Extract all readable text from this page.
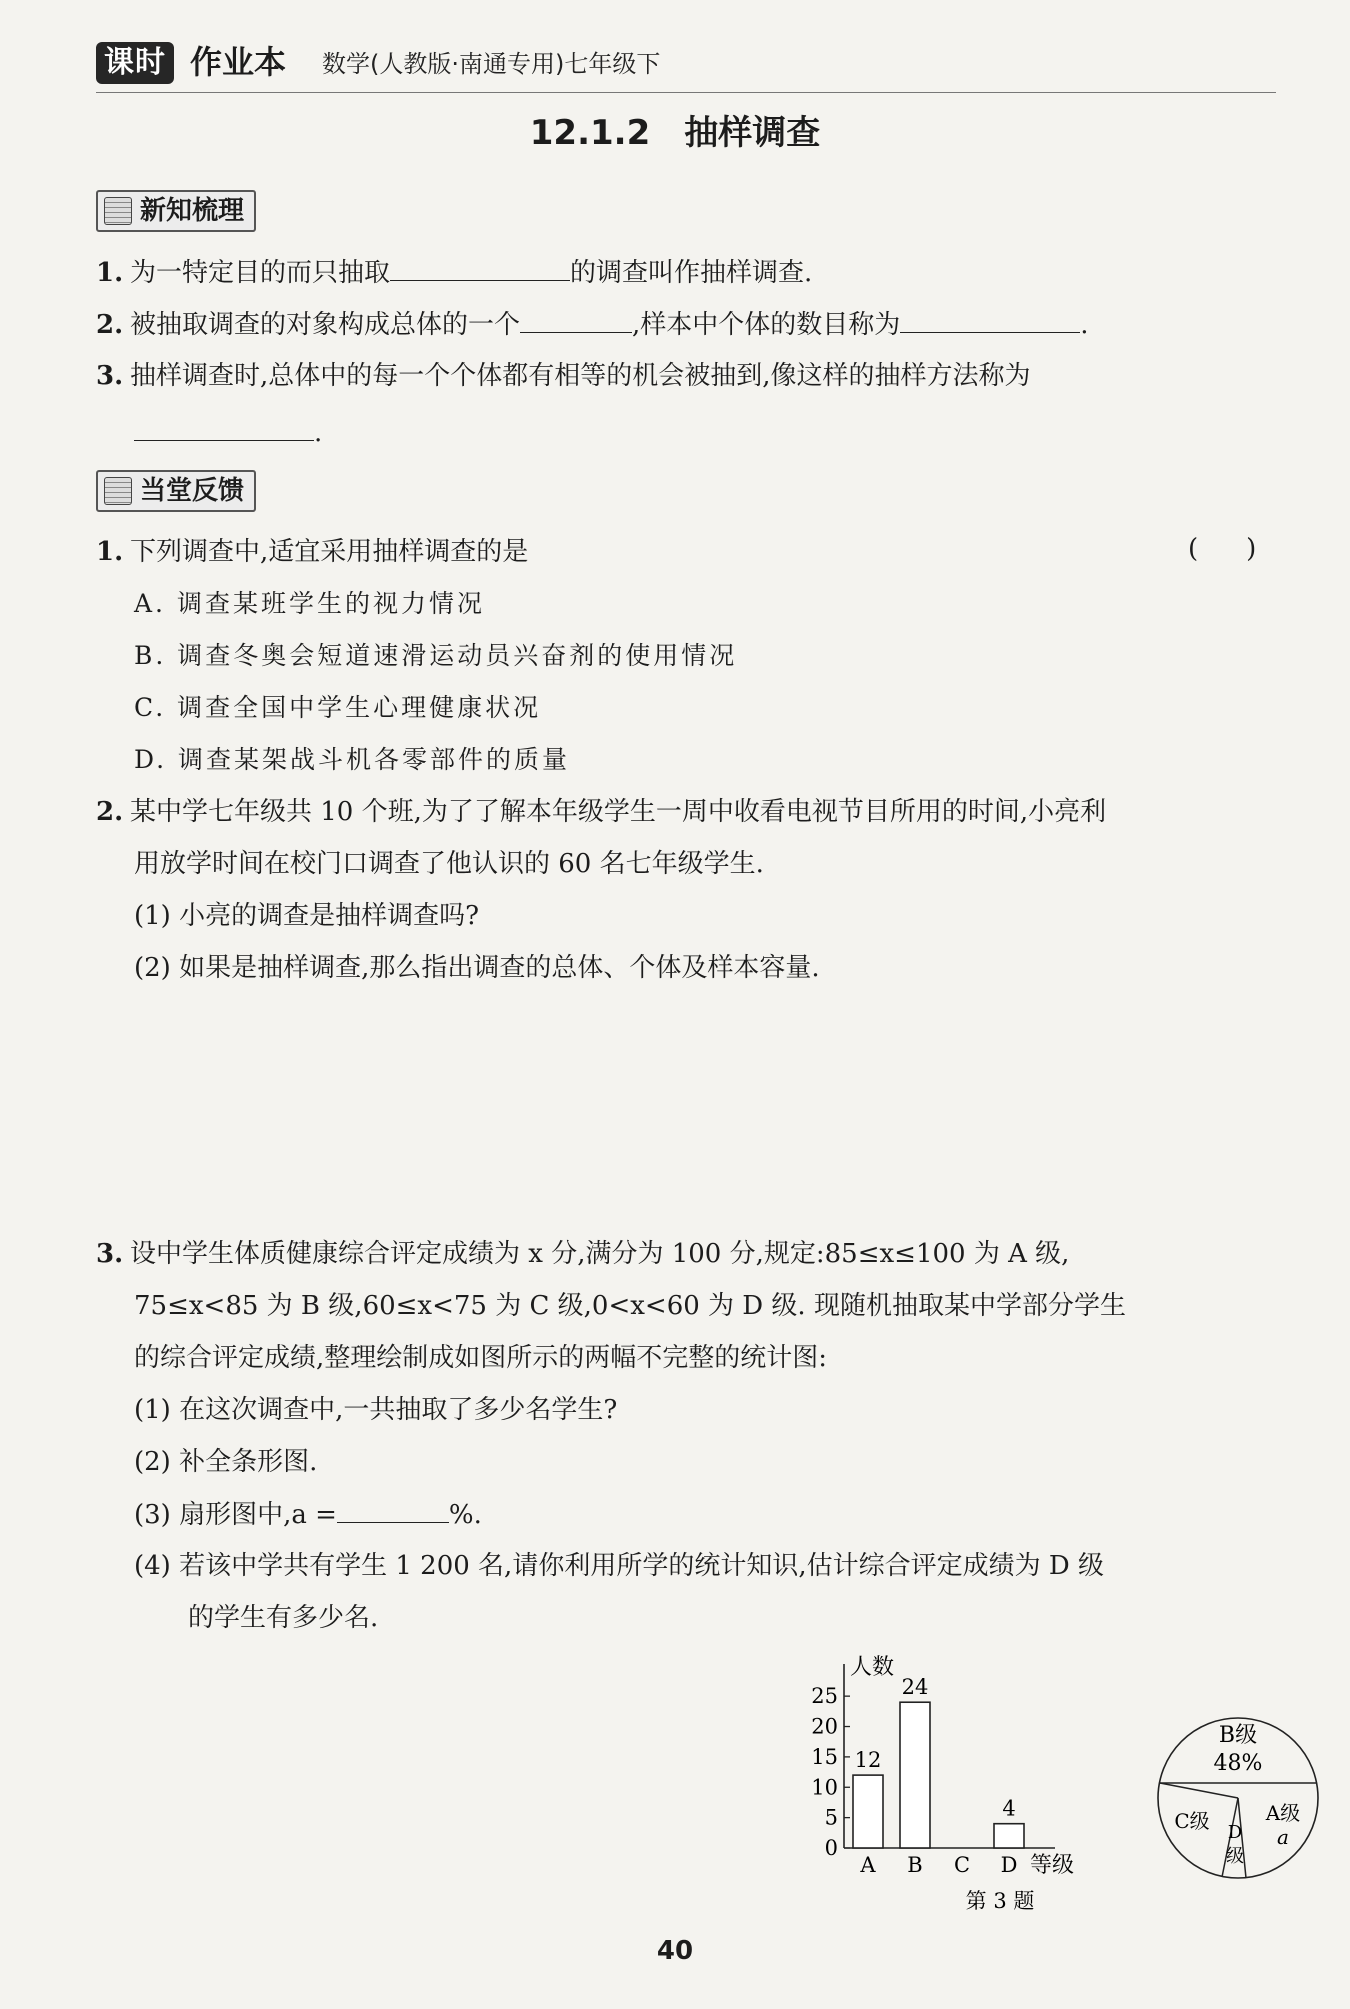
课时 作业本 数学(人教版·南通专用)七年级下
12.1.2　抽样调查
新知梳理
1. 为一特定目的而只抽取	的调查叫作抽样调查.
2. 被抽取调查的对象构成总体的一个	,样本中个体的数目称为	.
3. 抽样调查时,总体中的每一个个体都有相等的机会被抽到,像这样的抽样方法称为
.
当堂反馈
1. 下列调查中,适宜采用抽样调查的是	( )
A. 调查某班学生的视力情况
B. 调查冬奥会短道速滑运动员兴奋剂的使用情况
C. 调查全国中学生心理健康状况
D. 调查某架战斗机各零部件的质量
2. 某中学七年级共 10 个班,为了了解本年级学生一周中收看电视节目所用的时间,小亮利
用放学时间在校门口调查了他认识的 60 名七年级学生.
(1) 小亮的调查是抽样调查吗?
(2) 如果是抽样调查,那么指出调查的总体、个体及样本容量.
3. 设中学生体质健康综合评定成绩为 x 分,满分为 100 分,规定:85≤x≤100 为 A 级,
75≤x<85 为 B 级,60≤x<75 为 C 级,0<x<60 为 D 级. 现随机抽取某中学部分学生
的综合评定成绩,整理绘制成如图所示的两幅不完整的统计图:
(1) 在这次调查中,一共抽取了多少名学生?
(2) 补全条形图.
(3) 扇形图中,a =	%.
(4) 若该中学共有学生 1 200 名,请你利用所学的统计知识,估计综合评定成绩为 D 级
的学生有多少名.
人数
等级
0
5
10
15
20
25
12
A
24
B C
4
D
B级
48%
A级
a
C级 D 级
D级
第 3 题
40
